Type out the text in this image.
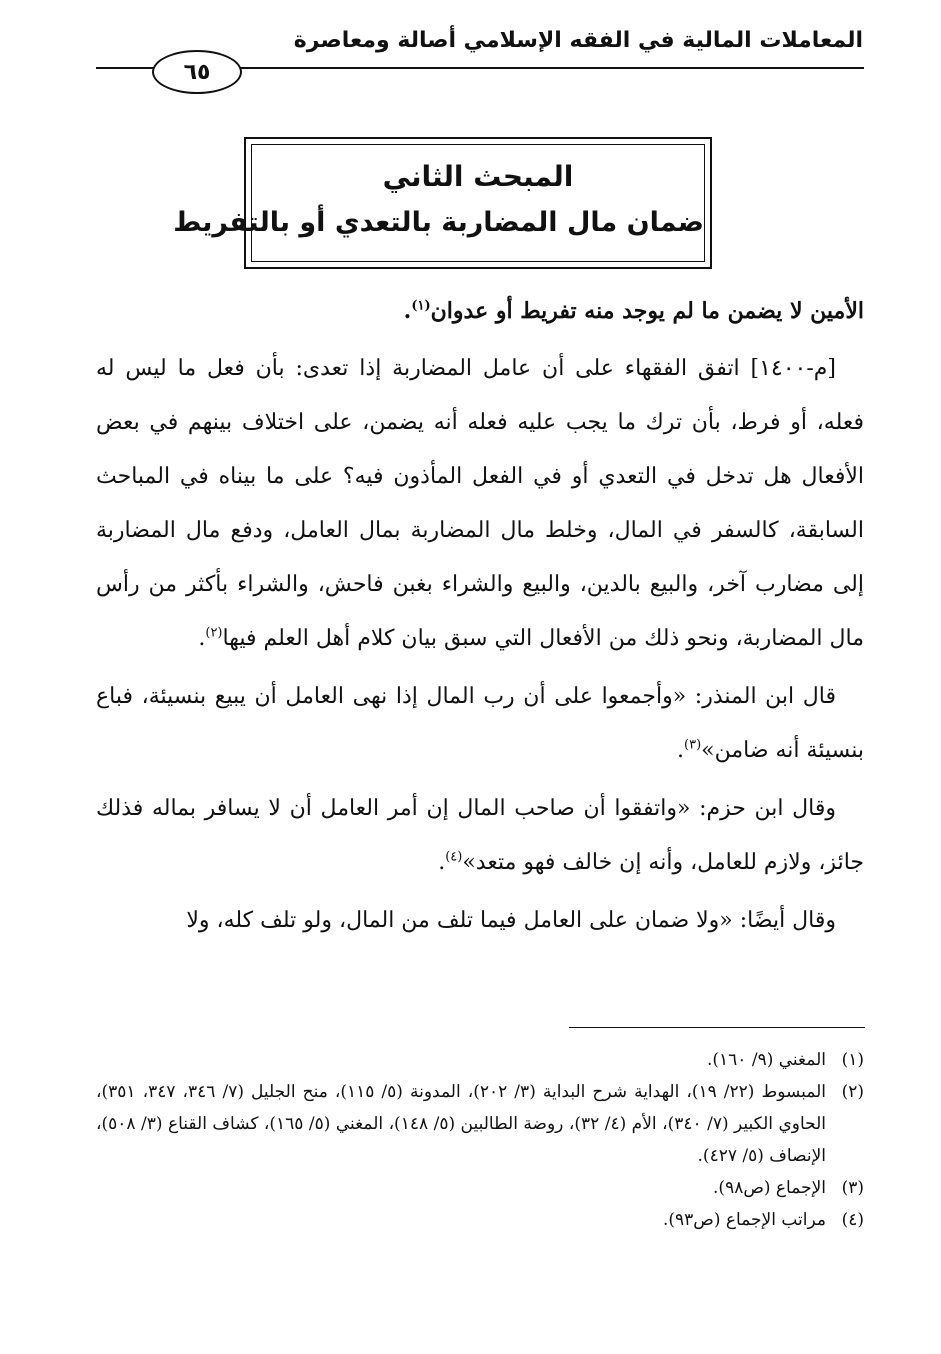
المعاملات المالية في الفقه الإسلامي أصالة ومعاصرة
٦٥
المبحث الثاني
ضمان مال المضاربة بالتعدي أو بالتفريط

الأمين لا يضمن ما لم يوجد منه تفريط أو عدوان$^{(١)}$.

[م-١٤٠٠] اتفق الفقهاء على أن عامل المضاربة إذا تعدى: بأن فعل ما ليس له فعله، أو فرط، بأن ترك ما يجب عليه فعله أنه يضمن، على اختلاف بينهم في بعض الأفعال هل تدخل في التعدي أو في الفعل المأذون فيه؟ على ما بيناه في المباحث السابقة، كالسفر في المال، وخلط مال المضاربة بمال العامل، ودفع مال المضاربة إلى مضارب آخر، والبيع بالدين، والبيع والشراء بغبن فاحش، والشراء بأكثر من رأس مال المضاربة، ونحو ذلك من الأفعال التي سبق بيان كلام أهل العلم فيها$^{(٢)}$.

قال ابن المنذر: «وأجمعوا على أن رب المال إذا نهى العامل أن يبيع بنسيئة، فباع بنسيئة أنه ضامن»$^{(٣)}$.

وقال ابن حزم: «واتفقوا أن صاحب المال إن أمر العامل أن لا يسافر بماله فذلك جائز، ولازم للعامل، وأنه إن خالف فهو متعد»$^{(٤)}$.

وقال أيضًا: «ولا ضمان على العامل فيما تلف من المال، ولو تلف كله، ولا

(١)
المغني (٩/ ١٦٠).
(٢)
المبسوط (٢٢/ ١٩)، الهداية شرح البداية (٣/ ٢٠٢)، المدونة (٥/ ١١٥)، منح الجليل (٧/ ٣٤٦، ٣٤٧، ٣٥١)، الحاوي الكبير (٧/ ٣٤٠)، الأم (٤/ ٣٢)، روضة الطالبين (٥/ ١٤٨)، المغني (٥/ ١٦٥)، كشاف القناع (٣/ ٥٠٨)، الإنصاف (٥/ ٤٢٧).
(٣)
الإجماع (ص٩٨).
(٤)
مراتب الإجماع (ص٩٣).
